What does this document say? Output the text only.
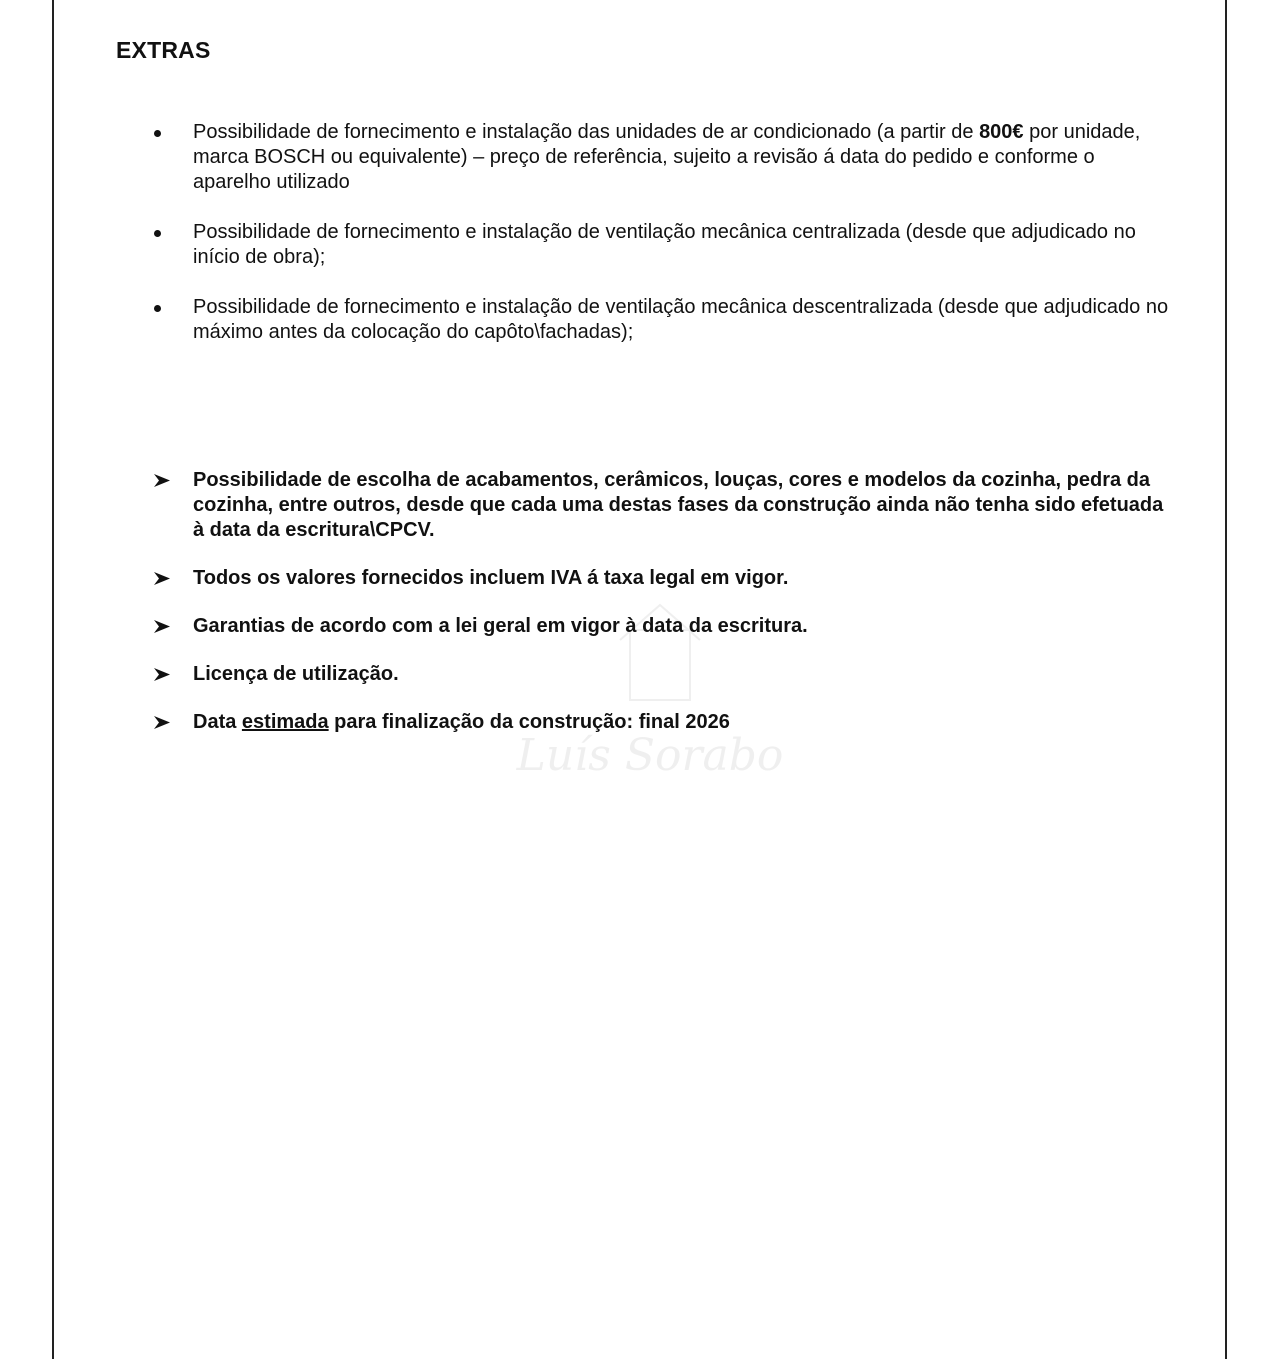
EXTRAS
Possibilidade de fornecimento e instalação das unidades de ar condicionado (a partir de 800€ por unidade, marca BOSCH ou equivalente) – preço de referência, sujeito a revisão á data do pedido e conforme o aparelho utilizado
Possibilidade de fornecimento e instalação de ventilação mecânica centralizada (desde que adjudicado no início de obra);
Possibilidade de fornecimento e instalação de ventilação mecânica descentralizada (desde que adjudicado no máximo antes da colocação do capôto\fachadas);
Possibilidade de escolha de acabamentos, cerâmicos, louças, cores e modelos da cozinha, pedra da cozinha, entre outros, desde que cada uma destas fases da construção ainda não tenha sido efetuada à data da escritura\CPCV.
Todos os valores fornecidos incluem IVA á taxa legal em vigor.
Garantias de acordo com a lei geral em vigor à data da escritura.
Licença de utilização.
Data estimada para finalização da construção: final 2026
